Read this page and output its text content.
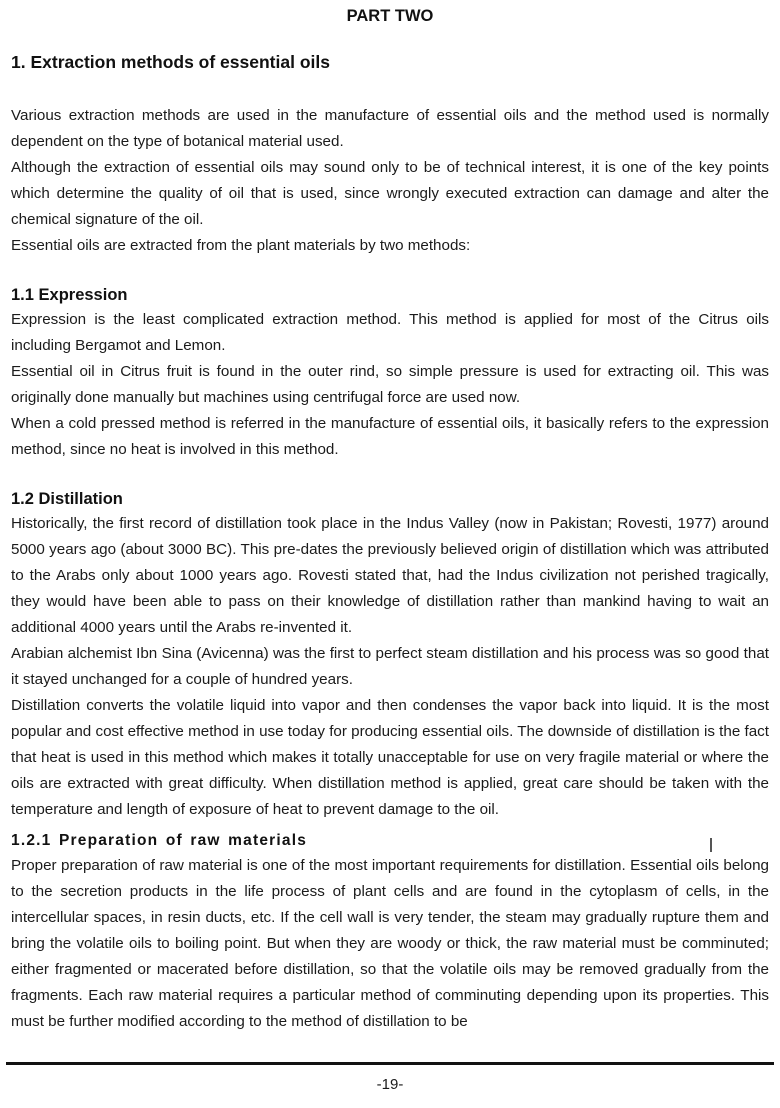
PART TWO
1. Extraction methods of essential oils

Various extraction methods are used in the manufacture of essential oils and the method used is normally dependent on the type of botanical material used.

Although the extraction of essential oils may sound only to be of technical interest, it is one of the key points which determine the quality of oil that is used, since wrongly executed extraction can damage and alter the chemical signature of the oil.

Essential oils are extracted from the plant materials by two methods:

1.1 Expression

Expression is the least complicated extraction method. This method is applied for most of the Citrus oils including Bergamot and Lemon.

Essential oil in Citrus fruit is found in the outer rind, so simple pressure is used for extracting oil. This was originally done manually but machines using centrifugal force are used now.

When a cold pressed method is referred in the manufacture of essential oils, it basically refers to the expression method, since no heat is involved in this method.

1.2 Distillation

Historically, the first record of distillation took place in the Indus Valley (now in Pakistan; Rovesti, 1977) around 5000 years ago (about 3000 BC). This pre-dates the previously believed origin of distillation which was attributed to the Arabs only about 1000 years ago. Rovesti stated that, had the Indus civilization not perished tragically, they would have been able to pass on their knowledge of distillation rather than mankind having to wait an additional 4000 years until the Arabs re-invented it.

Arabian alchemist Ibn Sina (Avicenna) was the first to perfect steam distillation and his process was so good that it stayed unchanged for a couple of hundred years.

Distillation converts the volatile liquid into vapor and then condenses the vapor back into liquid. It is the most popular and cost effective method in use today for producing essential oils. The downside of distillation is the fact that heat is used in this method which makes it totally unacceptable for use on very fragile material or where the oils are extracted with great difficulty. When distillation method is applied, great care should be taken with the temperature and length of exposure of heat to prevent damage to the oil.

1.2.1 Preparation of raw materials

Proper preparation of raw material is one of the most important requirements for distillation. Essential oils belong to the secretion products in the life process of plant cells and are found in the cytoplasm of cells, in the intercellular spaces, in resin ducts, etc. If the cell wall is very tender, the steam may gradually rupture them and bring the volatile oils to boiling point. But when they are woody or thick, the raw material must be comminuted; either fragmented or macerated before distillation, so that the volatile oils may be removed gradually from the fragments. Each raw material requires a particular method of comminuting depending upon its properties. This must be further modified according to the method of distillation to be

-19-
